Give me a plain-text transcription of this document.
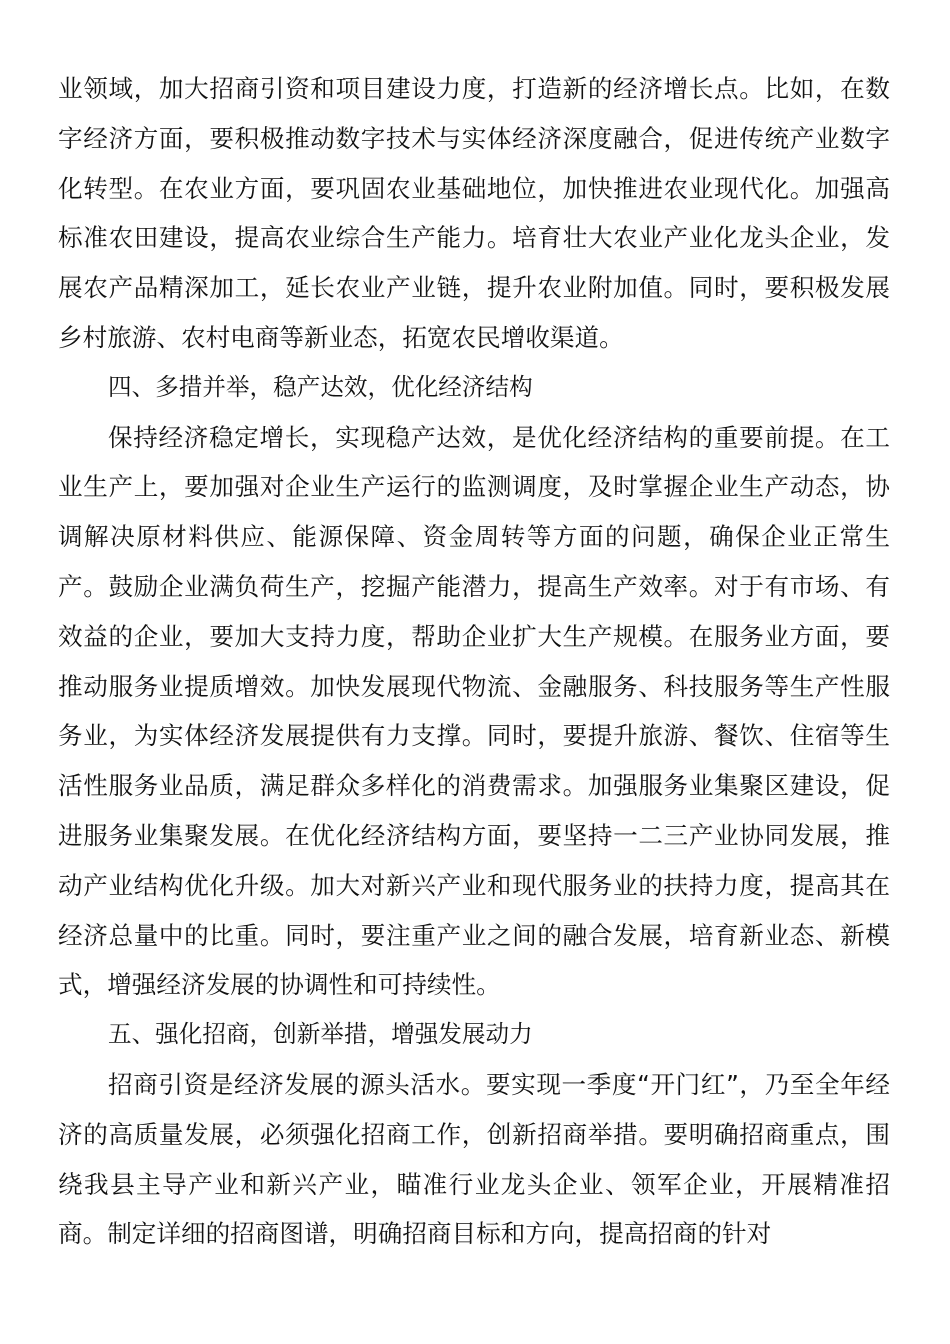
业领域，加大招商引资和项目建设力度，打造新的经济增长点。比如，在数字经济方面，要积极推动数字技术与实体经济深度融合，促进传统产业数字化转型。在农业方面，要巩固农业基础地位，加快推进农业现代化。加强高标准农田建设，提高农业综合生产能力。培育壮大农业产业化龙头企业，发展农产品精深加工，延长农业产业链，提升农业附加值。同时，要积极发展乡村旅游、农村电商等新业态，拓宽农民增收渠道。

四、多措并举，稳产达效，优化经济结构

保持经济稳定增长，实现稳产达效，是优化经济结构的重要前提。在工业生产上，要加强对企业生产运行的监测调度，及时掌握企业生产动态，协调解决原材料供应、能源保障、资金周转等方面的问题，确保企业正常生产。鼓励企业满负荷生产，挖掘产能潜力，提高生产效率。对于有市场、有效益的企业，要加大支持力度，帮助企业扩大生产规模。在服务业方面，要推动服务业提质增效。加快发展现代物流、金融服务、科技服务等生产性服务业，为实体经济发展提供有力支撑。同时，要提升旅游、餐饮、住宿等生活性服务业品质，满足群众多样化的消费需求。加强服务业集聚区建设，促进服务业集聚发展。在优化经济结构方面，要坚持一二三产业协同发展，推动产业结构优化升级。加大对新兴产业和现代服务业的扶持力度，提高其在经济总量中的比重。同时，要注重产业之间的融合发展，培育新业态、新模式，增强经济发展的协调性和可持续性。

五、强化招商，创新举措，增强发展动力

招商引资是经济发展的源头活水。要实现一季度“开门红”，乃至全年经济的高质量发展，必须强化招商工作，创新招商举措。要明确招商重点，围绕我县主导产业和新兴产业，瞄准行业龙头企业、领军企业，开展精准招商。制定详细的招商图谱，明确招商目标和方向，提高招商的针对
